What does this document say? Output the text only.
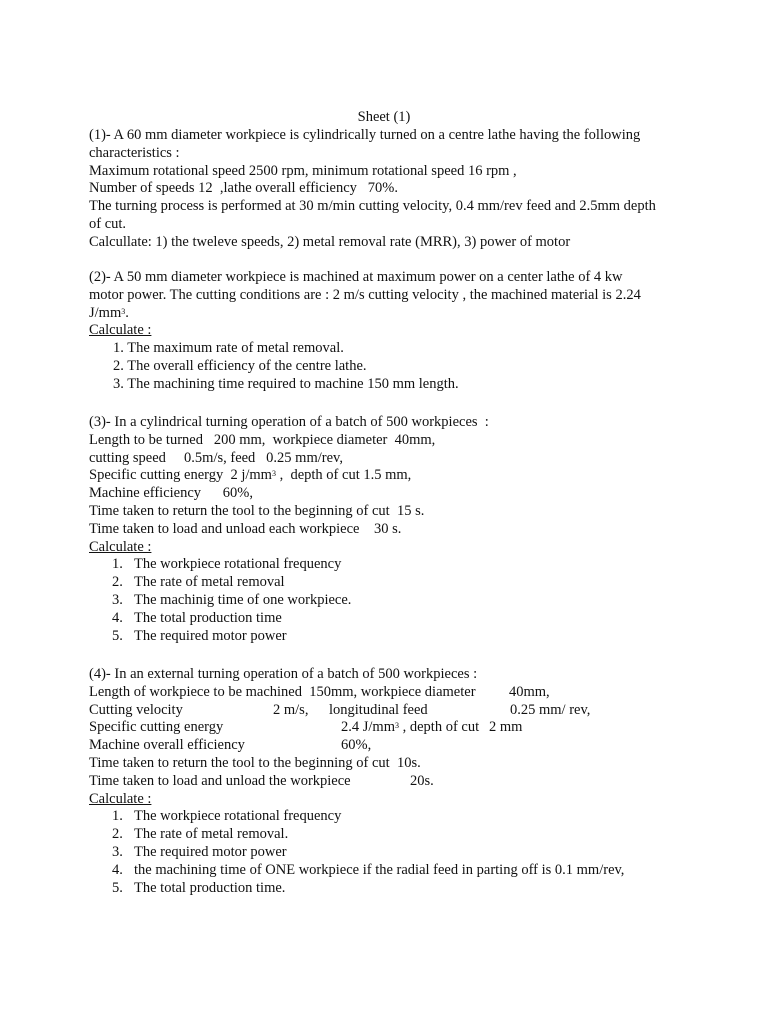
Sheet (1)
(1)- A 60 mm diameter workpiece is cylindrically turned on a centre lathe having the following
characteristics :
Maximum rotational speed 2500 rpm, minimum rotational speed 16 rpm ,
Number of speeds 12  ,lathe overall efficiency   70%.
The turning process is performed at 30 m/min cutting velocity, 0.4 mm/rev feed and 2.5mm depth
of cut.
Calcullate: 1) the tweleve speeds, 2) metal removal rate (MRR), 3) power of motor
(2)- A 50 mm diameter workpiece is machined at maximum power on a center lathe of 4 kw
motor power. The cutting conditions are : 2 m/s cutting velocity , the machined material is 2.24
$J/mm^3$.
Calculate :
1. The maximum rate of metal removal.
2. The overall efficiency of the centre lathe.
3. The machining time required to machine 150 mm length.
(3)- In a cylindrical turning operation of a batch of 500 workpieces  :
Length to be turned   200 mm,  workpiece diameter  40mm,
cutting speed     0.5m/s, feed   0.25 mm/rev,
Specific cutting energy  2 $j/mm^3$ ,  depth of cut 1.5 mm,
Machine efficiency      60%,
Time taken to return the tool to the beginning of cut  15 s.
Time taken to load and unload each workpiece    30 s.
Calculate :
1. The workpiece rotational frequency
2. The rate of metal removal
3. The machinig time of one workpiece.
4. The total production time
5. The required motor power
(4)- In an external turning operation of a batch of 500 workpieces :
Length of workpiece to be machined  150mm, workpiece diameter 40mm,
Cutting velocity	2 m/s, longitudinal feed	0.25 mm/ rev,
Specific cutting energy	2.4 $J/mm^3$ , depth of cut 2 mm
Machine overall efficiency	60%,
Time taken to return the tool to the beginning of cut  10s.
Time taken to load and unload the workpiece	20s.
Calculate :
1. The workpiece rotational frequency
2. The rate of metal removal.
3. The required motor power
4. the machining time of ONE workpiece if the radial feed in parting off is 0.1 mm/rev,
5. The total production time.
